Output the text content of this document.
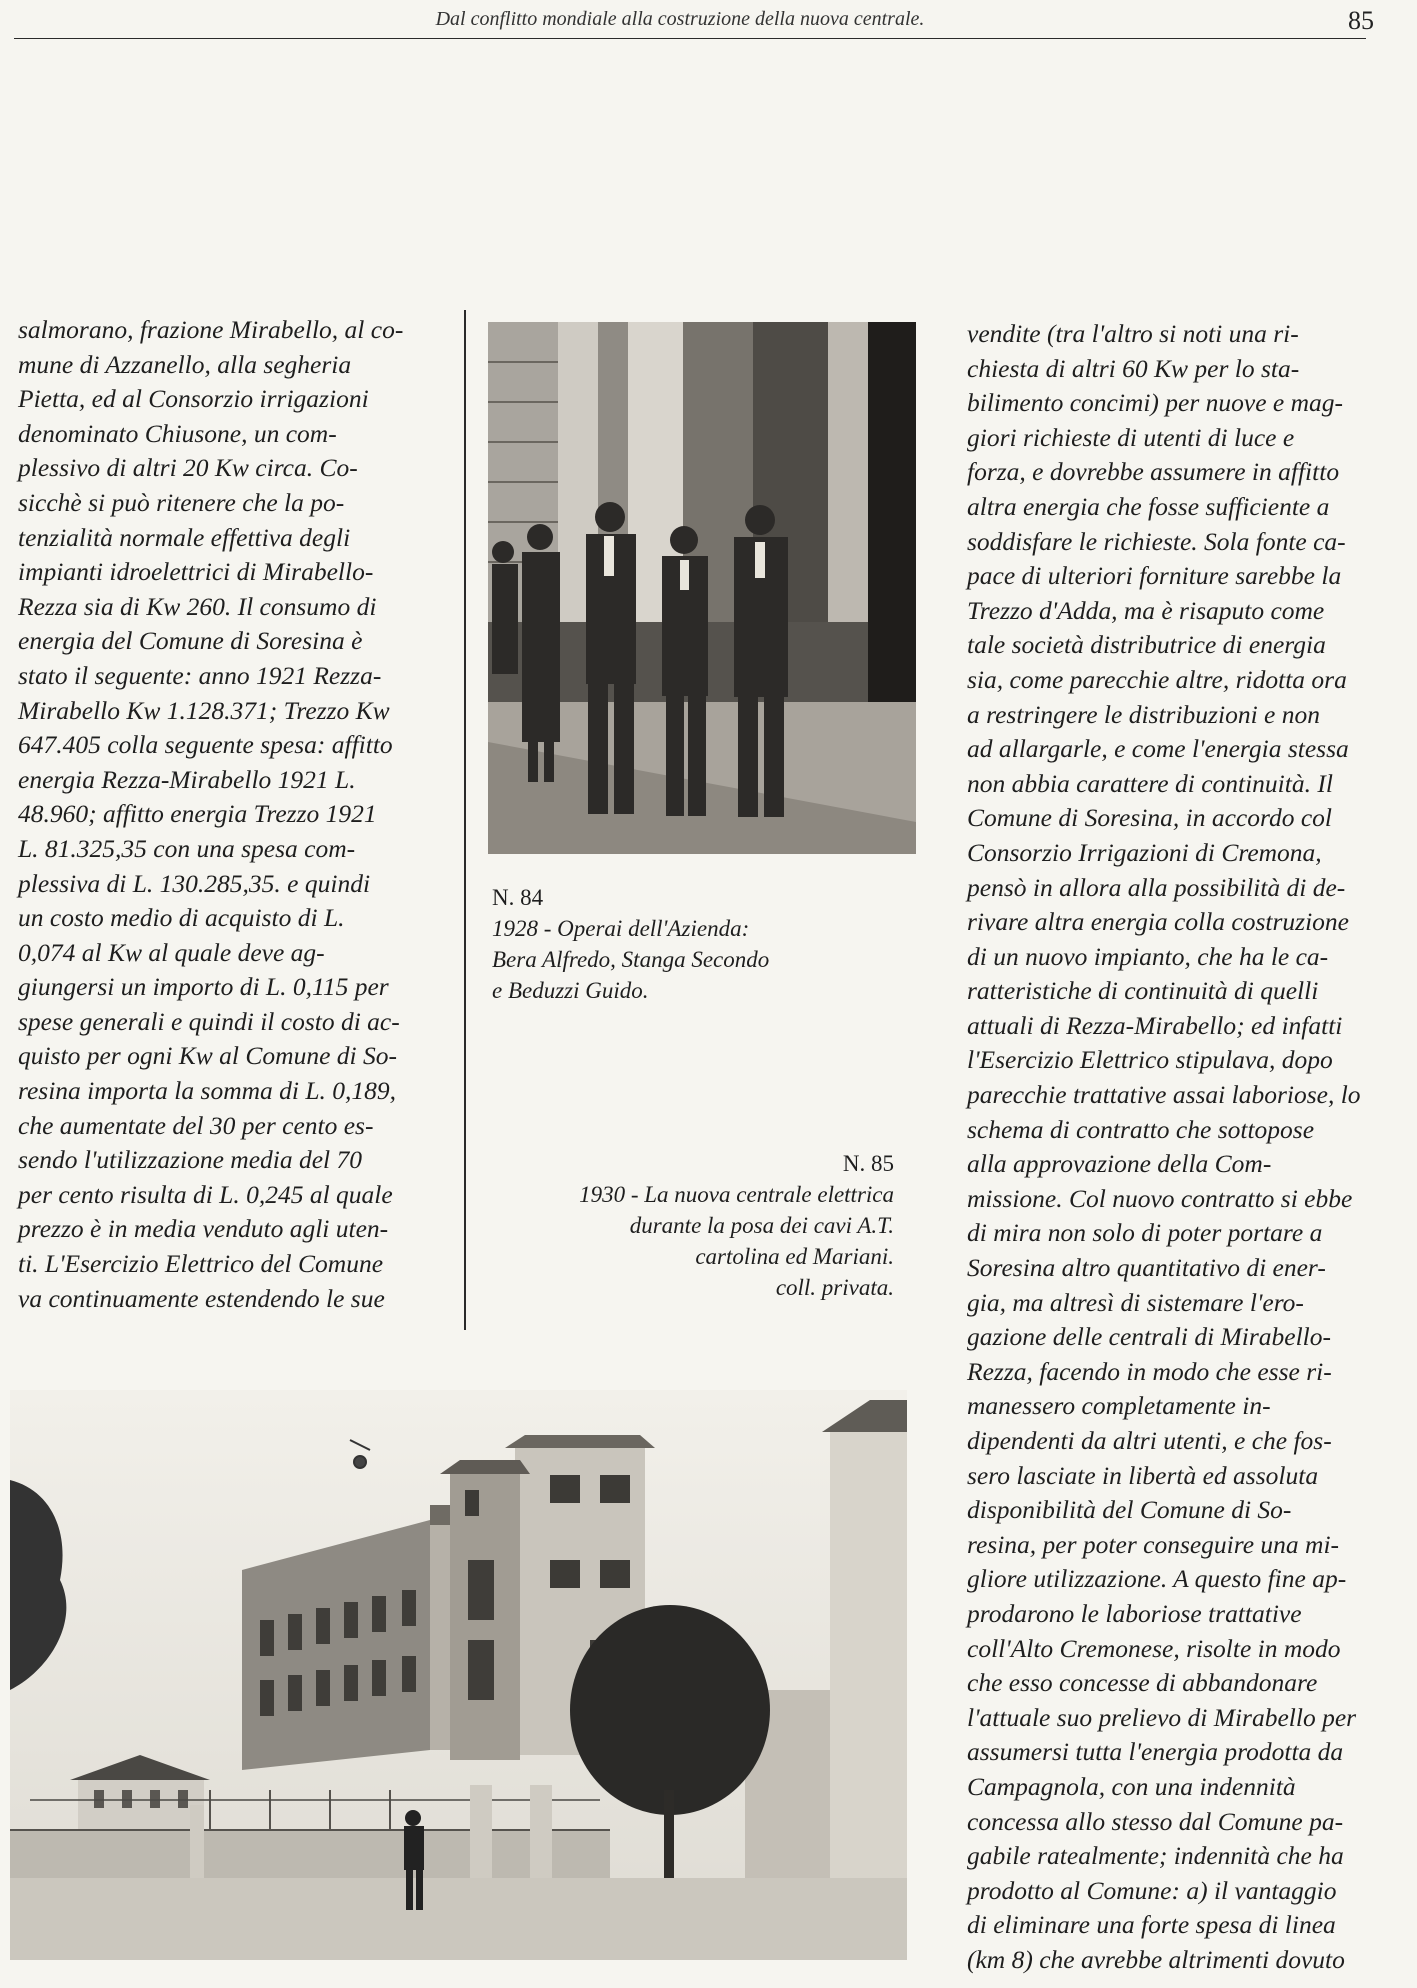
Dal conflitto mondiale alla costruzione della nuova centrale.	85

salmorano, frazione Mirabello, al co-

mune di Azzanello, alla segheria

Pietta, ed al Consorzio irrigazioni

denominato Chiusone, un com-

plessivo di altri 20 Kw circa. Co-

sicchè si può ritenere che la po-

tenzialità normale effettiva degli

impianti idroelettrici di Mirabello-

Rezza sia di Kw 260. Il consumo di

energia del Comune di Soresina è

stato il seguente: anno 1921 Rezza-

Mirabello Kw 1.128.371; Trezzo Kw

647.405 colla seguente spesa: affitto

energia Rezza-Mirabello 1921 L.

48.960; affitto energia Trezzo 1921

L. 81.325,35 con una spesa com-

plessiva di L. 130.285,35. e quindi

un costo medio di acquisto di L.

0,074 al Kw al quale deve ag-

giungersi un importo di L. 0,115 per

spese generali e quindi il costo di ac-

quisto per ogni Kw al Comune di So-

resina importa la somma di L. 0,189,

che aumentate del 30 per cento es-

sendo l'utilizzazione media del 70

per cento risulta di L. 0,245 al quale

prezzo è in media venduto agli uten-

ti. L'Esercizio Elettrico del Comune

va continuamente estendendo le sue

N. 84
1928 - Operai dell'Azienda:
Bera Alfredo, Stanga Secondo
e Beduzzi Guido.
N. 85
1930 - La nuova centrale elettrica
durante la posa dei cavi A.T.
cartolina ed Mariani.
coll. privata.

vendite (tra l'altro si noti una ri-

chiesta di altri 60 Kw per lo sta-

bilimento concimi) per nuove e mag-

giori richieste di utenti di luce e

forza, e dovrebbe assumere in affitto

altra energia che fosse sufficiente a

soddisfare le richieste. Sola fonte ca-

pace di ulteriori forniture sarebbe la

Trezzo d'Adda, ma è risaputo come

tale società distributrice di energia

sia, come parecchie altre, ridotta ora

a restringere le distribuzioni e non

ad allargarle, e come l'energia stessa

non abbia carattere di continuità. Il

Comune di Soresina, in accordo col

Consorzio Irrigazioni di Cremona,

pensò in allora alla possibilità di de-

rivare altra energia colla costruzione

di un nuovo impianto, che ha le ca-

ratteristiche di continuità di quelli

attuali di Rezza-Mirabello; ed infatti

l'Esercizio Elettrico stipulava, dopo

parecchie trattative assai laboriose, lo

schema di contratto che sottopose

alla approvazione della Com-

missione. Col nuovo contratto si ebbe

di mira non solo di poter portare a

Soresina altro quantitativo di ener-

gia, ma altresì di sistemare l'ero-

gazione delle centrali di Mirabello-

Rezza, facendo in modo che esse ri-

manessero completamente in-

dipendenti da altri utenti, e che fos-

sero lasciate in libertà ed assoluta

disponibilità del Comune di So-

resina, per poter conseguire una mi-

gliore utilizzazione. A questo fine ap-

prodarono le laboriose trattative

coll'Alto Cremonese, risolte in modo

che esso concesse di abbandonare

l'attuale suo prelievo di Mirabello per

assumersi tutta l'energia prodotta da

Campagnola, con una indennità

concessa allo stesso dal Comune pa-

gabile ratealmente; indennità che ha

prodotto al Comune: a) il vantaggio

di eliminare una forte spesa di linea

(km 8) che avrebbe altrimenti dovuto
